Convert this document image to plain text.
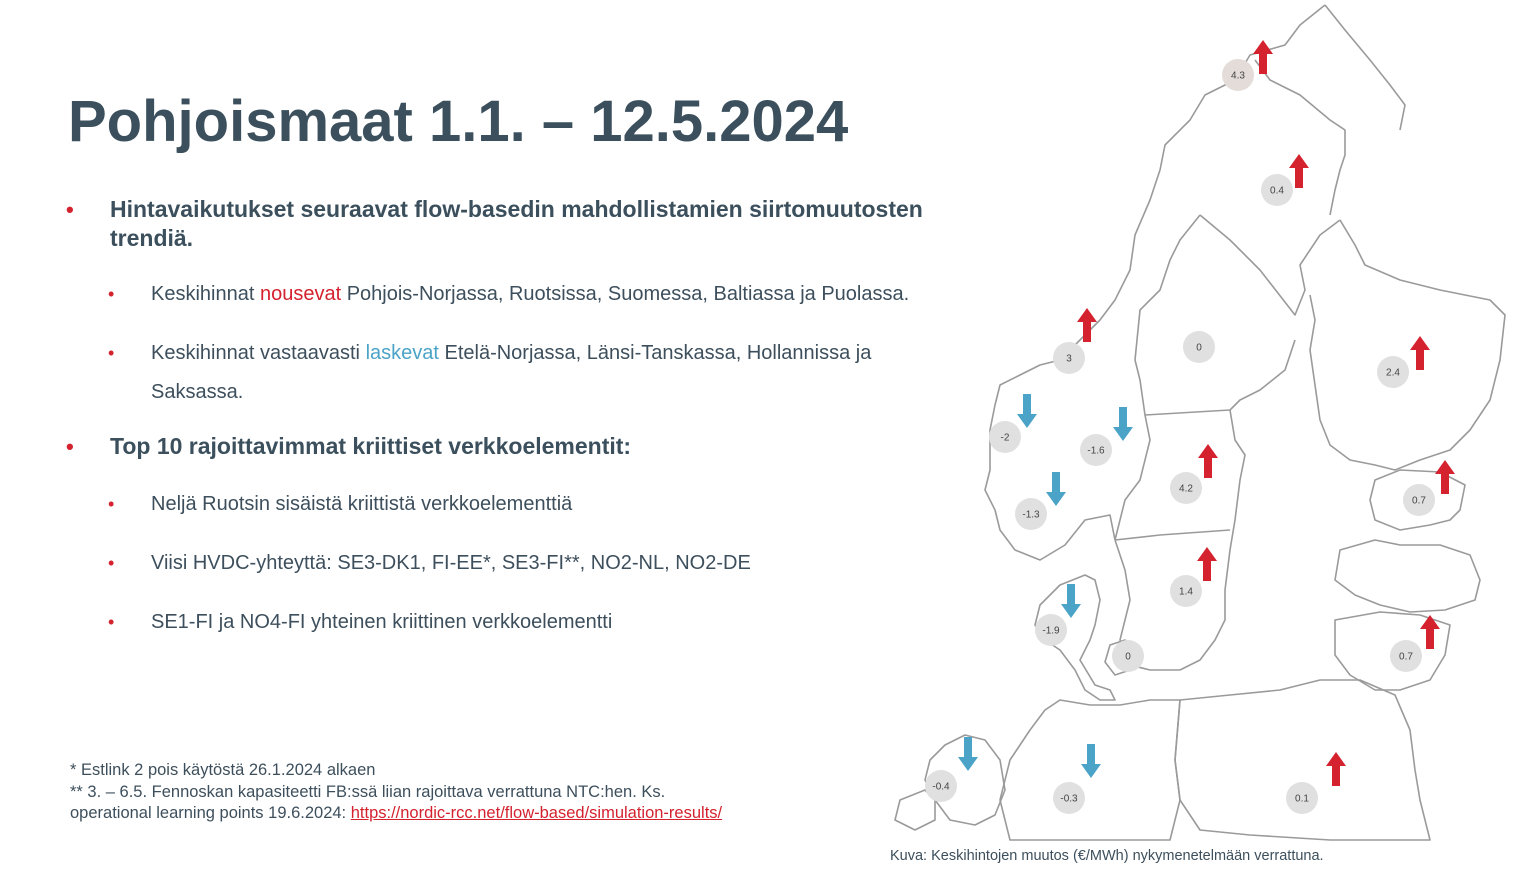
Pohjoismaat 1.1. – 12.5.2024
• Hintavaikutukset seuraavat flow-basedin mahdollistamien siirtomuutosten trendiä.
• Keskihinnat nousevat Pohjois-Norjassa, Ruotsissa, Suomessa, Baltiassa ja Puolassa.
• Keskihinnat vastaavasti laskevat Etelä-Norjassa, Länsi-Tanskassa, Hollannissa ja Saksassa.
• Top 10 rajoittavimmat kriittiset verkkoelementit:
• Neljä Ruotsin sisäistä kriittistä verkkoelementtiä
• Viisi HVDC-yhteyttä: SE3-DK1, FI-EE*, SE3-FI**, NO2-NL, NO2-DE
• SE1-FI ja NO4-FI yhteinen kriittinen verkkoelementti
* Estlink 2 pois käytöstä 26.1.2024 alkaen
** 3. – 6.5. Fennoskan kapasiteetti FB:ssä liian rajoittava verrattuna NTC:hen. Ks.
operational learning points 19.6.2024: https://nordic-rcc.net/flow-based/simulation-results/
4.3
0.4
3
0
2.4
-2
-1.6
4.2
-1.3
0.7
1.4
-1.9
0	0.7
-0.4
-0.3	0.1
Kuva: Keskihintojen muutos (€/MWh) nykymenetelmään verrattuna.
